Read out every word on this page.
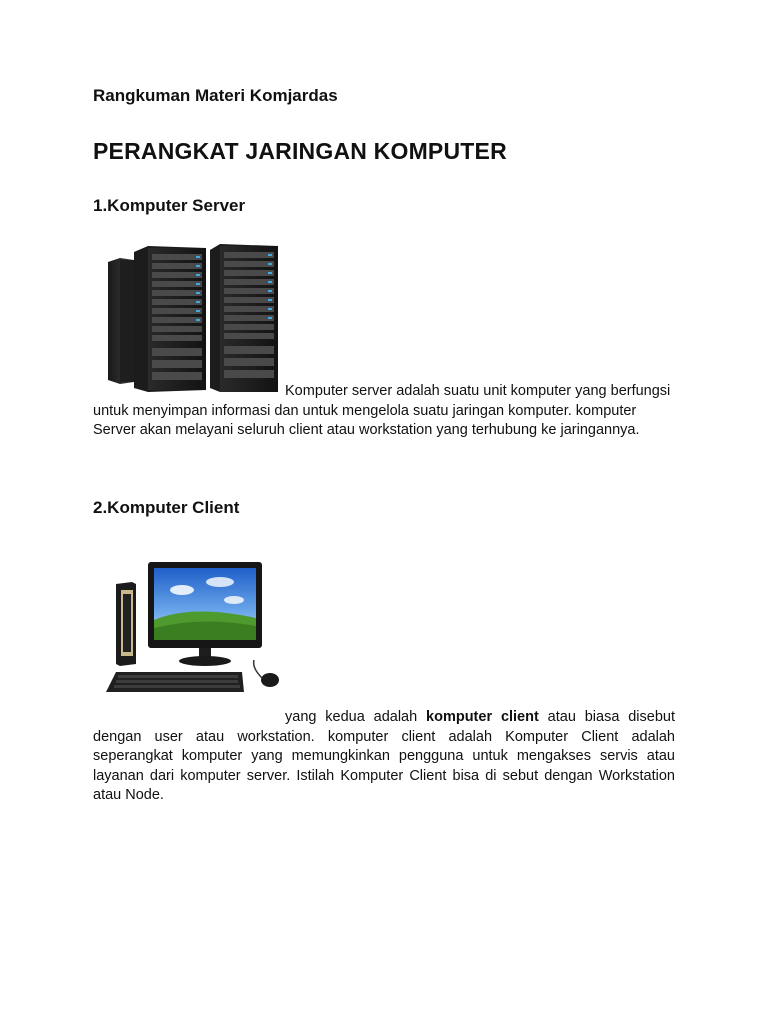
Rangkuman Materi Komjardas

PERANGKAT JARINGAN KOMPUTER
1.Komputer Server

Komputer server adalah suatu unit komputer yang berfungsi untuk menyimpan informasi dan untuk mengelola suatu jaringan komputer. komputer Server akan melayani seluruh client atau workstation yang terhubung ke jaringannya.

2.Komputer Client

yang kedua adalah komputer client atau biasa disebut dengan user atau workstation. komputer client adalah Komputer Client adalah seperangkat komputer yang memungkinkan pengguna untuk mengakses servis atau layanan dari komputer server. Istilah Komputer Client bisa di sebut dengan Workstation atau Node.
